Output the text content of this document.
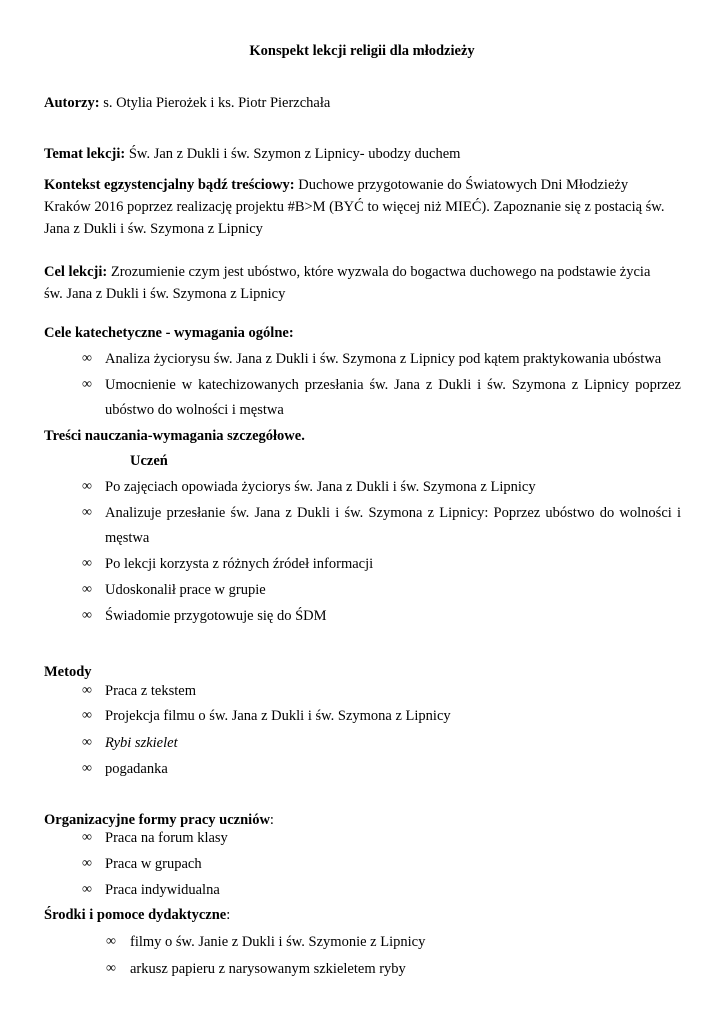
Konspekt lekcji religii dla młodzieży
Autorzy: s. Otylia Pierożek i ks. Piotr Pierzchała
Temat lekcji: Św. Jan z Dukli i św. Szymon z Lipnicy- ubodzy duchem
Kontekst egzystencjalny bądź treściowy: Duchowe przygotowanie do Światowych Dni Młodzieży
Kraków 2016 poprzez realizację projektu #B>M (BYĆ to więcej niż MIEĆ). Zapoznanie się z postacią św.
Jana z Dukli i św. Szymona z Lipnicy
Cel lekcji: Zrozumienie czym jest ubóstwo, które wyzwala do bogactwa duchowego na podstawie życia
św. Jana z Dukli i św. Szymona z Lipnicy
Cele katechetyczne - wymagania ogólne:
∞ Analiza życiorysu św. Jana z Dukli i św. Szymona z Lipnicy pod kątem praktykowania ubóstwa
∞ Umocnienie w katechizowanych przesłania św. Jana z Dukli i św. Szymona z Lipnicy poprzez
ubóstwo do wolności i męstwa
Treści nauczania-wymagania szczegółowe.
Uczeń
∞ Po zajęciach opowiada życiorys św. Jana z Dukli i św. Szymona z Lipnicy
∞ Analizuje przesłanie św. Jana z Dukli i św. Szymona z Lipnicy: Poprzez ubóstwo do wolności i
męstwa
∞ Po lekcji korzysta z różnych źródeł informacji
∞ Udoskonalił prace w grupie
∞ Świadomie przygotowuje się do ŚDM
Metody
∞ Praca z tekstem
∞ Projekcja filmu o św. Jana z Dukli i św. Szymona z Lipnicy
∞ Rybi szkielet
∞ pogadanka
Organizacyjne formy pracy uczniów:
∞ Praca na forum klasy
∞ Praca w grupach
∞ Praca indywidualna
Środki i pomoce dydaktyczne:
∞ filmy o św. Janie z Dukli i św. Szymonie z Lipnicy
∞ arkusz papieru z narysowanym szkieletem ryby
